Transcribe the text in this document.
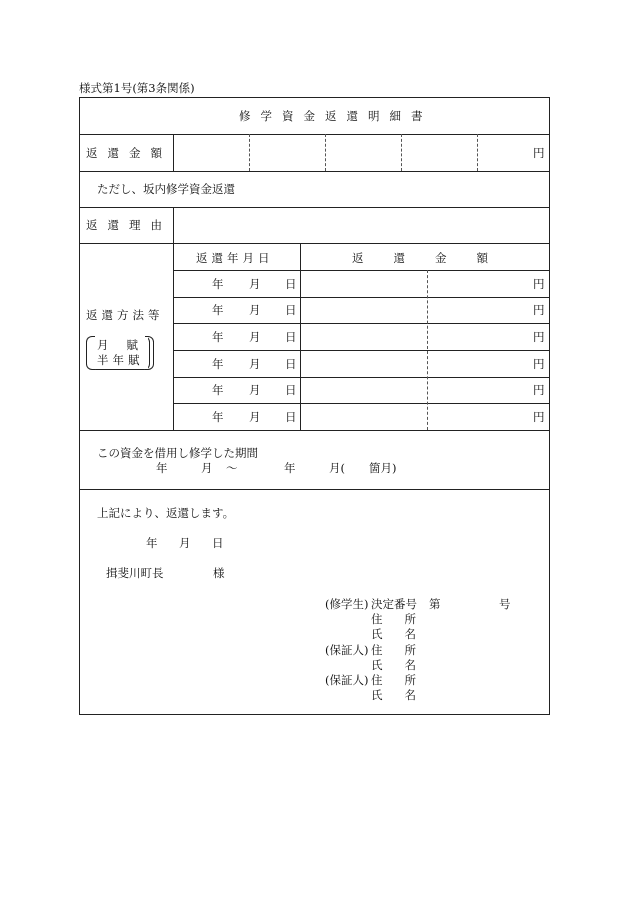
様式第1号(第3条関係)
修学資金返還明細書
返還金額	円
ただし、坂内修学資金返還
返還理由
返還方法等
月賦
半年賦
返還年月日	返還金額
年 月 日	円
年 月 日	円
年 月 日	円
年 月 日	円
年 月 日	円
年 月 日	円
この資金を借用し修学した期間
年	月 〜	年	月( 箇月)
上記により、返還します。
年 月 日
揖斐川町長	様
(修学生) 決定番号 第	号
住所
氏名
(保証人) 住所
氏名
(保証人) 住所
氏名
